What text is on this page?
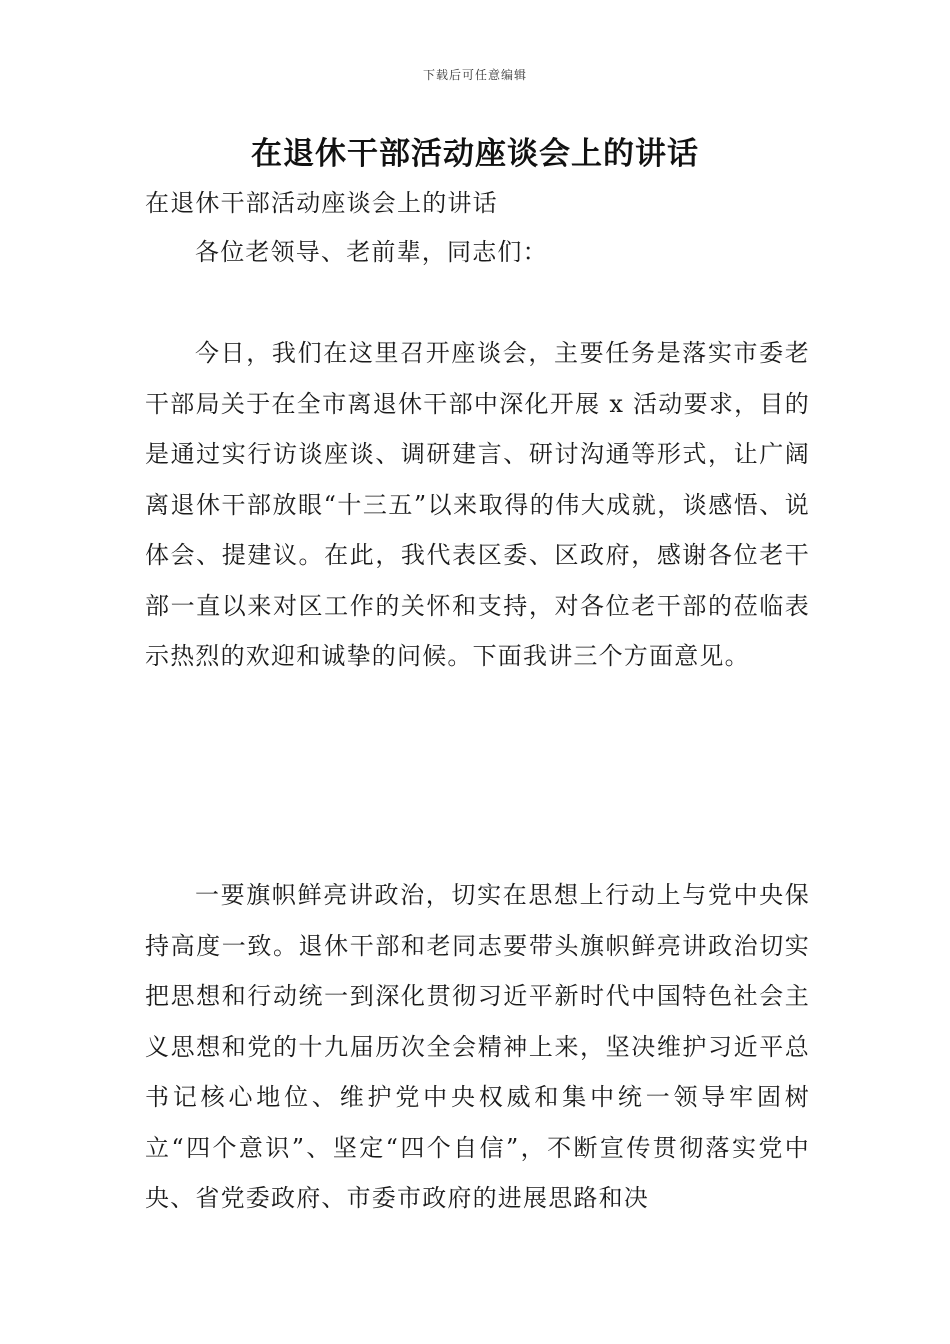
下载后可任意编辑
在退休干部活动座谈会上的讲话

在退休干部活动座谈会上的讲话

各位老领导、老前辈，同志们：

今日，我们在这里召开座谈会，主要任务是落实市委老干部局关于在全市离退休干部中深化开展 x 活动要求，目的是通过实行访谈座谈、调研建言、研讨沟通等形式，让广阔离退休干部放眼“十三五”以来取得的伟大成就，谈感悟、说体会、提建议。在此，我代表区委、区政府，感谢各位老干部一直以来对区工作的关怀和支持，对各位老干部的莅临表示热烈的欢迎和诚挚的问候。下面我讲三个方面意见。

一要旗帜鲜亮讲政治，切实在思想上行动上与党中央保持高度一致。退休干部和老同志要带头旗帜鲜亮讲政治切实把思想和行动统一到深化贯彻习近平新时代中国特色社会主义思想和党的十九届历次全会精神上来，坚决维护习近平总书记核心地位、维护党中央权威和集中统一领导牢固树立“四个意识”、坚定“四个自信”，不断宣传贯彻落实党中央、省党委政府、市委市政府的进展思路和决
